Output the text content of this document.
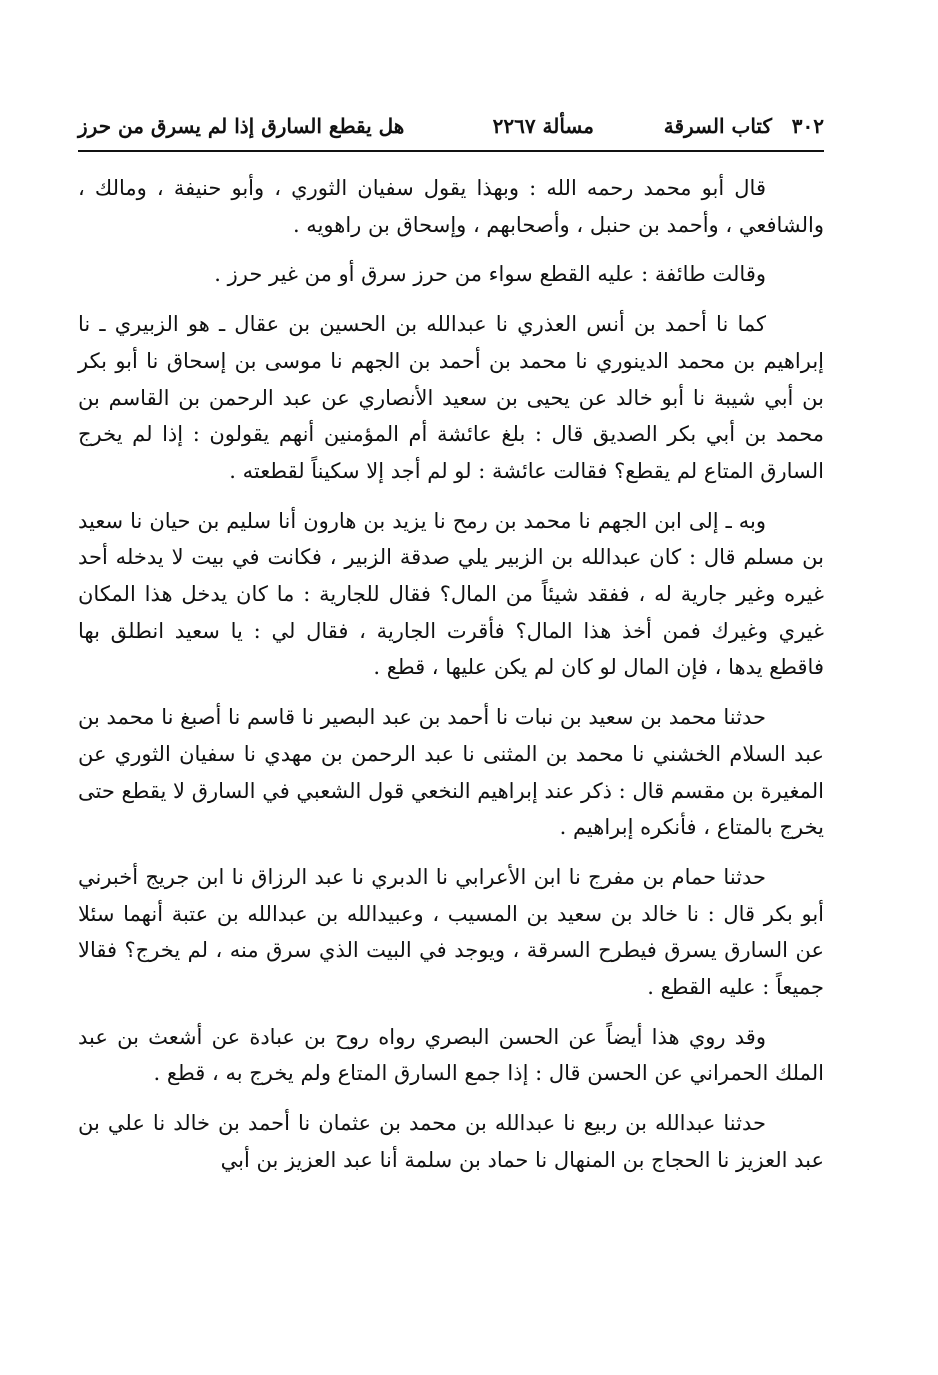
٣٠٢
كتاب السرقة
مسألة ٢٢٦٧
هل يقطع السارق إذا لم يسرق من حرز

قال أبو محمد رحمه الله : وبهذا يقول سفيان الثوري ، وأبو حنيفة ، ومالك ، والشافعي ، وأحمد بن حنبل ، وأصحابهم ، وإسحاق بن راهويه .

وقالت طائفة : عليه القطع سواء من حرز سرق أو من غير حرز .

كما نا أحمد بن أنس العذري نا عبدالله بن الحسين بن عقال ـ هو الزبيري ـ نا إبراهيم بن محمد الدينوري نا محمد بن أحمد بن الجهم نا موسى بن إسحاق نا أبو بكر بن أبي شيبة نا أبو خالد عن يحيى بن سعيد الأنصاري عن عبد الرحمن بن القاسم بن محمد بن أبي بكر الصديق قال : بلغ عائشة أم المؤمنين أنهم يقولون : إذا لم يخرج السارق المتاع لم يقطع؟ فقالت عائشة : لو لم أجد إلا سكيناً لقطعته .

وبه ـ إلى ابن الجهم نا محمد بن رمح نا يزيد بن هارون أنا سليم بن حيان نا سعيد بن مسلم قال : كان عبدالله بن الزبير يلي صدقة الزبير ، فكانت في بيت لا يدخله أحد غيره وغير جارية له ، ففقد شيئاً من المال؟ فقال للجارية : ما كان يدخل هذا المكان غيري وغيرك فمن أخذ هذا المال؟ فأقرت الجارية ، فقال لي : يا سعيد انطلق بها فاقطع يدها ، فإن المال لو كان لم يكن عليها ، قطع .

حدثنا محمد بن سعيد بن نبات نا أحمد بن عبد البصير نا قاسم نا أصبغ نا محمد بن عبد السلام الخشني نا محمد بن المثنى نا عبد الرحمن بن مهدي نا سفيان الثوري عن المغيرة بن مقسم قال : ذكر عند إبراهيم النخعي قول الشعبي في السارق لا يقطع حتى يخرج بالمتاع ، فأنكره إبراهيم .

حدثنا حمام بن مفرج نا ابن الأعرابي نا الدبري نا عبد الرزاق نا ابن جريج أخبرني أبو بكر قال : نا خالد بن سعيد بن المسيب ، وعبيدالله بن عبدالله بن عتبة أنهما سئلا عن السارق يسرق فيطرح السرقة ، ويوجد في البيت الذي سرق منه ، لم يخرج؟ فقالا جميعاً : عليه القطع .

وقد روي هذا أيضاً عن الحسن البصري رواه روح بن عبادة عن أشعث بن عبد الملك الحمراني عن الحسن قال : إذا جمع السارق المتاع ولم يخرج به ، قطع .

حدثنا عبدالله بن ربيع نا عبدالله بن محمد بن عثمان نا أحمد بن خالد نا علي بن عبد العزيز نا الحجاج بن المنهال نا حماد بن سلمة أنا عبد العزيز بن أبي
